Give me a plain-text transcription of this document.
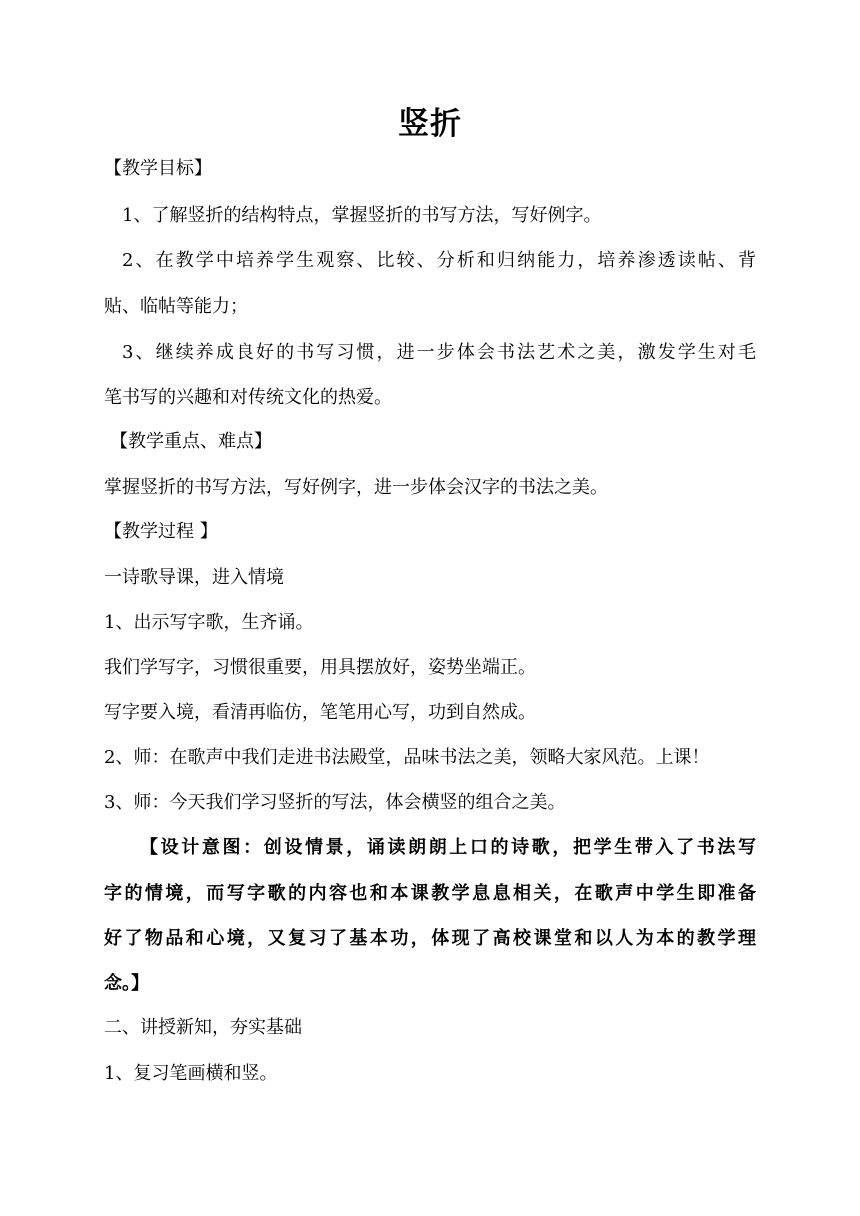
竖折
【教学目标】
1、了解竖折的结构特点，掌握竖折的书写方法，写好例字。
2、在教学中培养学生观察、比较、分析和归纳能力，培养渗透读帖、背
贴、临帖等能力；
3、继续养成良好的书写习惯，进一步体会书法艺术之美，激发学生对毛
笔书写的兴趣和对传统文化的热爱。
【教学重点、难点】
掌握竖折的书写方法，写好例字，进一步体会汉字的书法之美。
【教学过程 】
一诗歌导课，进入情境
1、出示写字歌，生齐诵。
我们学写字，习惯很重要，用具摆放好，姿势坐端正。
写字要入境，看清再临仿，笔笔用心写，功到自然成。
2、师：在歌声中我们走进书法殿堂，品味书法之美，领略大家风范。上课！
3、师：今天我们学习竖折的写法，体会横竖的组合之美。
【设计意图：创设情景，诵读朗朗上口的诗歌，把学生带入了书法写
字的情境，而写字歌的内容也和本课教学息息相关，在歌声中学生即准备
好了物品和心境，又复习了基本功，体现了高校课堂和以人为本的教学理
念。】
二、讲授新知，夯实基础
1、复习笔画横和竖。
